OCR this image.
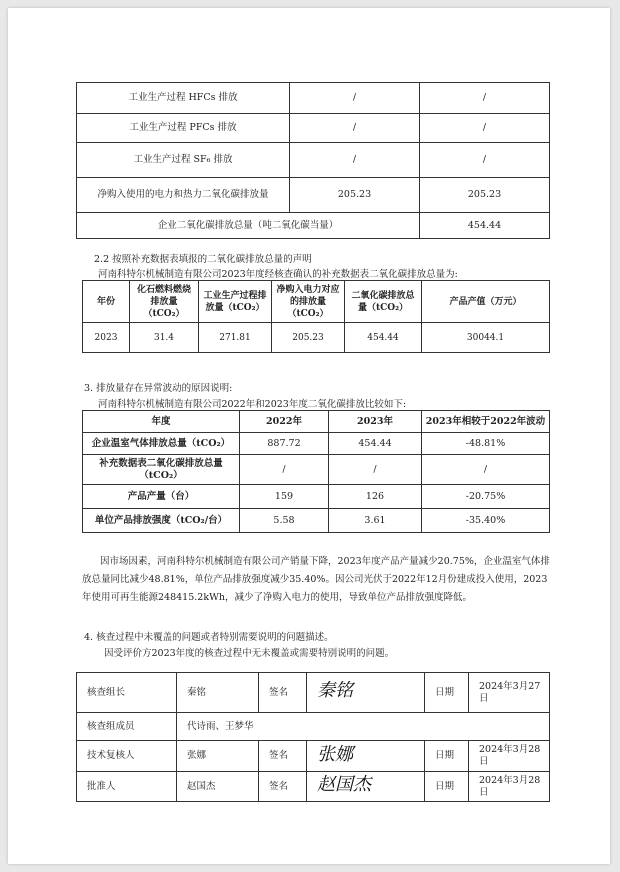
工业生产过程 HFCs 排放	/	/
工业生产过程 PFCs 排放	/	/
工业生产过程 SF₆ 排放	/	/
净购入使用的电力和热力二氧化碳排放量	205.23	205.23
企业二氧化碳排放总量（吨二氧化碳当量）		454.44
2.2 按照补充数据表填报的二氧化碳排放总量的声明
河南科特尔机械制造有限公司2023年度经核查确认的补充数据表二氧化碳排放总量为:
年份	化石燃料燃烧排放量（tCO₂）	工业生产过程排放量（tCO₂）	净购入电力对应的排放量（tCO₂）	二氧化碳排放总量（tCO₂）	产品产值（万元）
2023	31.4	271.81	205.23	454.44	30044.1
3. 排放量存在异常波动的原因说明:
河南科特尔机械制造有限公司2022年和2023年度二氧化碳排放比较如下:
年度	2022年	2023年	2023年相较于2022年波动
企业温室气体排放总量（tCO₂）	887.72	454.44	-48.81%
补充数据表二氧化碳排放总量（tCO₂）	/	/	/
产品产量（台）	159	126	-20.75%
单位产品排放强度（tCO₂/台）	5.58	3.61	-35.40%
因市场因素，河南科特尔机械制造有限公司产销量下降，2023年度产品产量减少20.75%，企业温室气体排放总量同比减少48.81%，单位产品排放强度减少35.40%。因公司光伏于2022年12月份建成投入使用，2023年使用可再生能源248415.2kWh，减少了净购入电力的使用，导致单位产品排放强度降低。
4. 核查过程中未覆盖的问题或者特别需要说明的问题描述。
因受评价方2023年度的核查过程中无未覆盖或需要特别说明的问题。
核查组长	秦铭	签名	秦铭	日期	2024年3月27日
核查组成员	代诗雨、王梦华				
技术复核人	张娜	签名	张娜	日期	2024年3月28日
批准人	赵国杰	签名	赵国杰	日期	2024年3月28日
